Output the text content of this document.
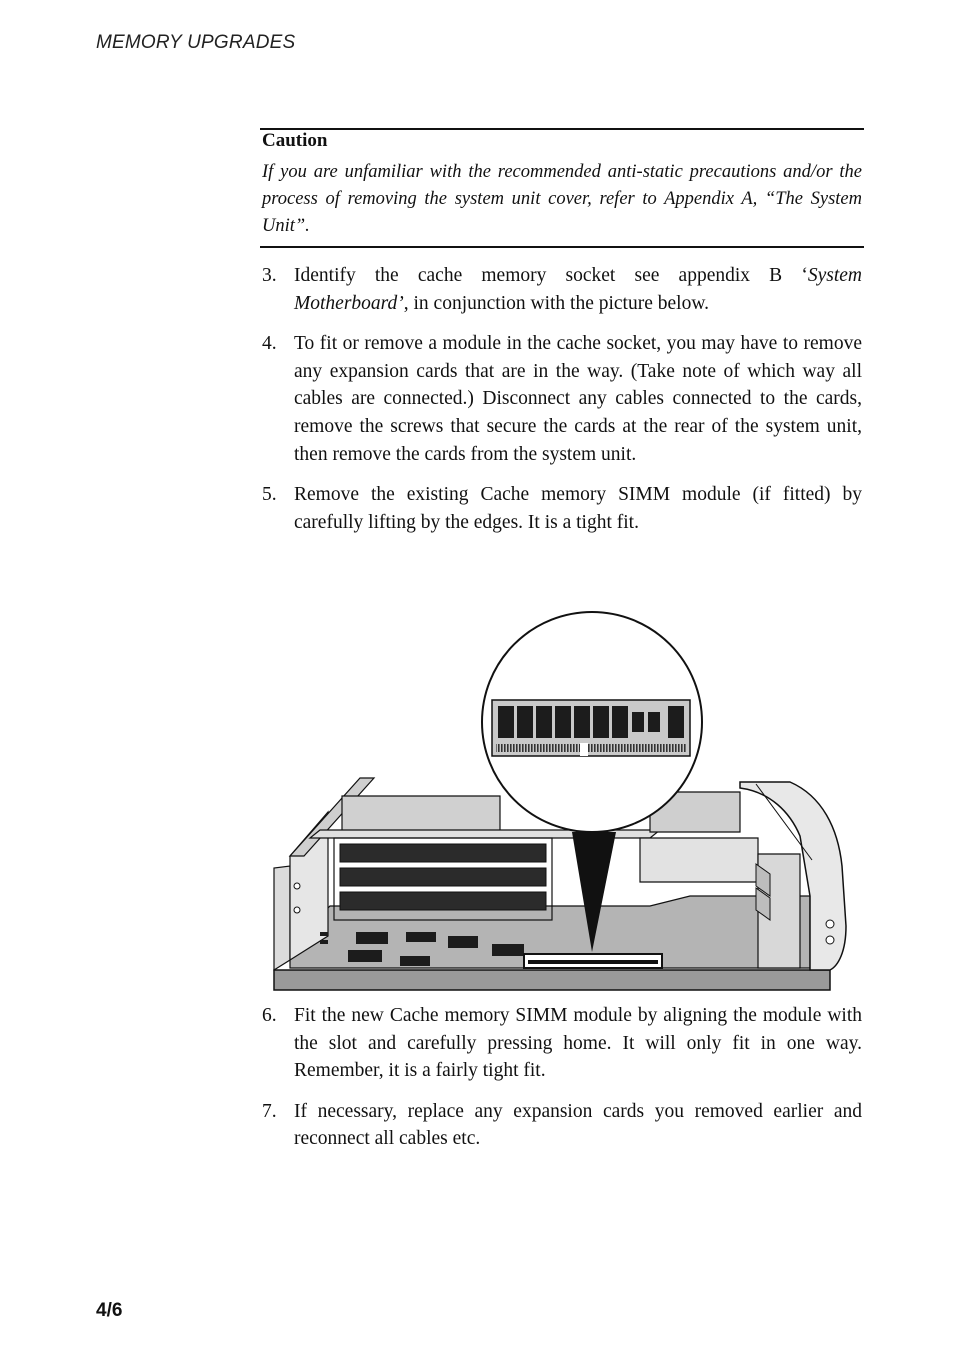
MEMORY UPGRADES
Caution
If you are unfamiliar with the recommended anti-static precautions and/or the process of removing the system unit cover, refer to Appendix A, “The System Unit”.
3. Identify the cache memory socket see appendix B ‘System Motherboard’, in conjunction with the picture below.
4. To fit or remove a module in the cache socket, you may have to remove any expansion cards that are in the way. (Take note of which way all cables are connected.) Disconnect any cables connected to the cards, remove the screws that secure the cards at the rear of the system unit, then remove the cards from the system unit.
5. Remove the existing Cache memory SIMM module (if fitted) by carefully lifting by the edges. It is a tight fit.
6. Fit the new Cache memory SIMM module by aligning the module with the slot and carefully pressing home. It will only fit in one way. Remember, it is a fairly tight fit.
7. If necessary, replace any expansion cards you removed earlier and reconnect all cables etc.
4/6
